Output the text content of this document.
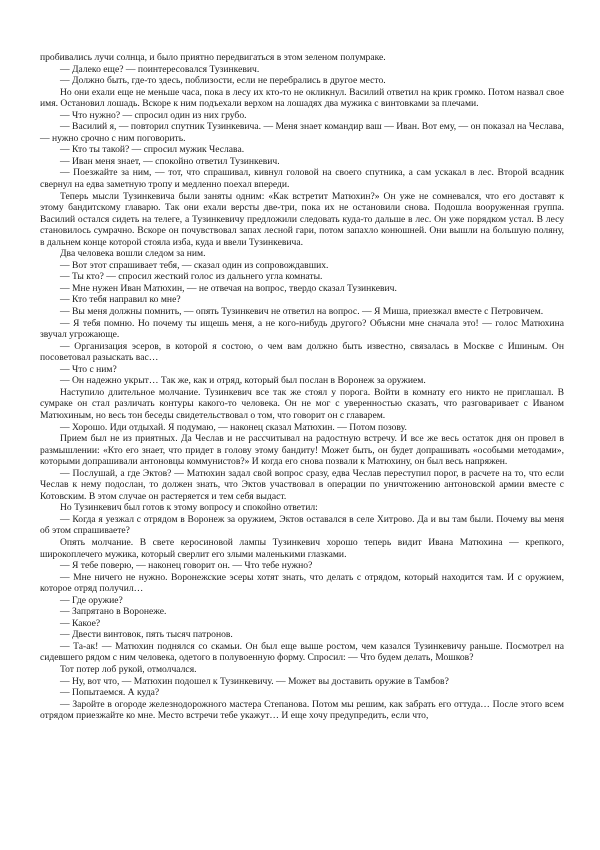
пробивались лучи солнца, и было приятно передвигаться в этом зеленом полумраке.

— Далеко еще? — поинтересовался Тузинкевич.

— Должно быть, где-то здесь, поблизости, если не перебрались в другое место.

Но они ехали еще не меньше часа, пока в лесу их кто-то не окликнул. Василий ответил на крик громко. Потом назвал свое имя. Остановил лошадь. Вскоре к ним подъехали верхом на лошадях два мужика с винтовками за плечами.

— Что нужно? — спросил один из них грубо.

— Василий я, — повторил спутник Тузинкевича. — Меня знает командир ваш — Иван. Вот ему, — он показал на Чеслава, — нужно срочно с ним поговорить.

— Кто ты такой? — спросил мужик Чеслава.

— Иван меня знает, — спокойно ответил Тузинкевич.

— Поезжайте за ним, — тот, что спрашивал, кивнул головой на своего спутника, а сам ускакал в лес. Второй всадник свернул на едва заметную тропу и медленно поехал впереди.

Теперь мысли Тузинкевича были заняты одним: «Как встретит Матюхин?» Он уже не сомневался, что его доставят к этому бандитскому главарю. Так они ехали версты две-три, пока их не остановили снова. Подошла вооруженная группа. Василий остался сидеть на телеге, а Тузинкевичу предложили следовать куда-то дальше в лес. Он уже порядком устал. В лесу становилось сумрачно. Вскоре он почувствовал запах лесной гари, потом запахло конюшней. Они вышли на большую поляну, в дальнем конце которой стояла изба, куда и ввели Тузинкевича.

Два человека вошли следом за ним.

— Вот этот спрашивает тебя, — сказал один из сопровождавших.

— Ты кто? — спросил жесткий голос из дальнего угла комнаты.

— Мне нужен Иван Матюхин, — не отвечая на вопрос, твердо сказал Тузинкевич.

— Кто тебя направил ко мне?

— Вы меня должны помнить, — опять Тузинкевич не ответил на вопрос. — Я Миша, приезжал вместе с Петровичем.

— Я тебя помню. Но почему ты ищешь меня, а не кого-нибудь другого? Объясни мне сначала это! — голос Матюхина звучал угрожающе.

— Организация эсеров, в которой я состою, о чем вам должно быть известно, связалась в Москве с Ишиным. Он посоветовал разыскать вас…

— Что с ним?

— Он надежно укрыт… Так же, как и отряд, который был послан в Воронеж за оружием.

Наступило длительное молчание. Тузинкевич все так же стоял у порога. Войти в комнату его никто не приглашал. В сумраке он стал различать контуры какого-то человека. Он не мог с уверенностью сказать, что разговаривает с Иваном Матюхиным, но весь тон беседы свидетельствовал о том, что говорит он с главарем.

— Хорошо. Иди отдыхай. Я подумаю, — наконец сказал Матюхин. — Потом позову.

Прием был не из приятных. Да Чеслав и не рассчитывал на радостную встречу. И все же весь остаток дня он провел в размышлении: «Кто его знает, что придет в голову этому бандиту! Может быть, он будет допрашивать «особыми методами», которыми допрашивали антоновцы коммунистов?» И когда его снова позвали к Матюхину, он был весь напряжен.

— Послушай, а где Эктов? — Матюхин задал свой вопрос сразу, едва Чеслав переступил порог, в расчете на то, что если Чеслав к нему подослан, то должен знать, что Эктов участвовал в операции по уничтожению антоновской армии вместе с Котовским. В этом случае он растеряется и тем себя выдаст.

Но Тузинкевич был готов к этому вопросу и спокойно ответил:

— Когда я уезжал с отрядом в Воронеж за оружием, Эктов оставался в селе Хитрово. Да и вы там были. Почему вы меня об этом спрашиваете?

Опять молчание. В свете керосиновой лампы Тузинкевич хорошо теперь видит Ивана Матюхина — крепкого, широкоплечего мужика, который сверлит его злыми маленькими глазками.

— Я тебе поверю, — наконец говорит он. — Что тебе нужно?

— Мне ничего не нужно. Воронежские эсеры хотят знать, что делать с отрядом, который находится там. И с оружием, которое отряд получил…

— Где оружие?

— Запрятано в Воронеже.

— Какое?

— Двести винтовок, пять тысяч патронов.

— Та-ак! — Матюхин поднялся со скамьи. Он был еще выше ростом, чем казался Тузинкевичу раньше. Посмотрел на сидевшего рядом с ним человека, одетого в полувоенную форму. Спросил: — Что будем делать, Мошков?

Тот потер лоб рукой, отмолчался.

— Ну, вот что, — Матюхин подошел к Тузинкевичу. — Может вы доставить оружие в Тамбов?

— Попытаемся. А куда?

— Заройте в огороде железнодорожного мастера Степанова. Потом мы решим, как забрать его оттуда… После этого всем отрядом приезжайте ко мне. Место встречи тебе укажут… И еще хочу предупредить, если что,
